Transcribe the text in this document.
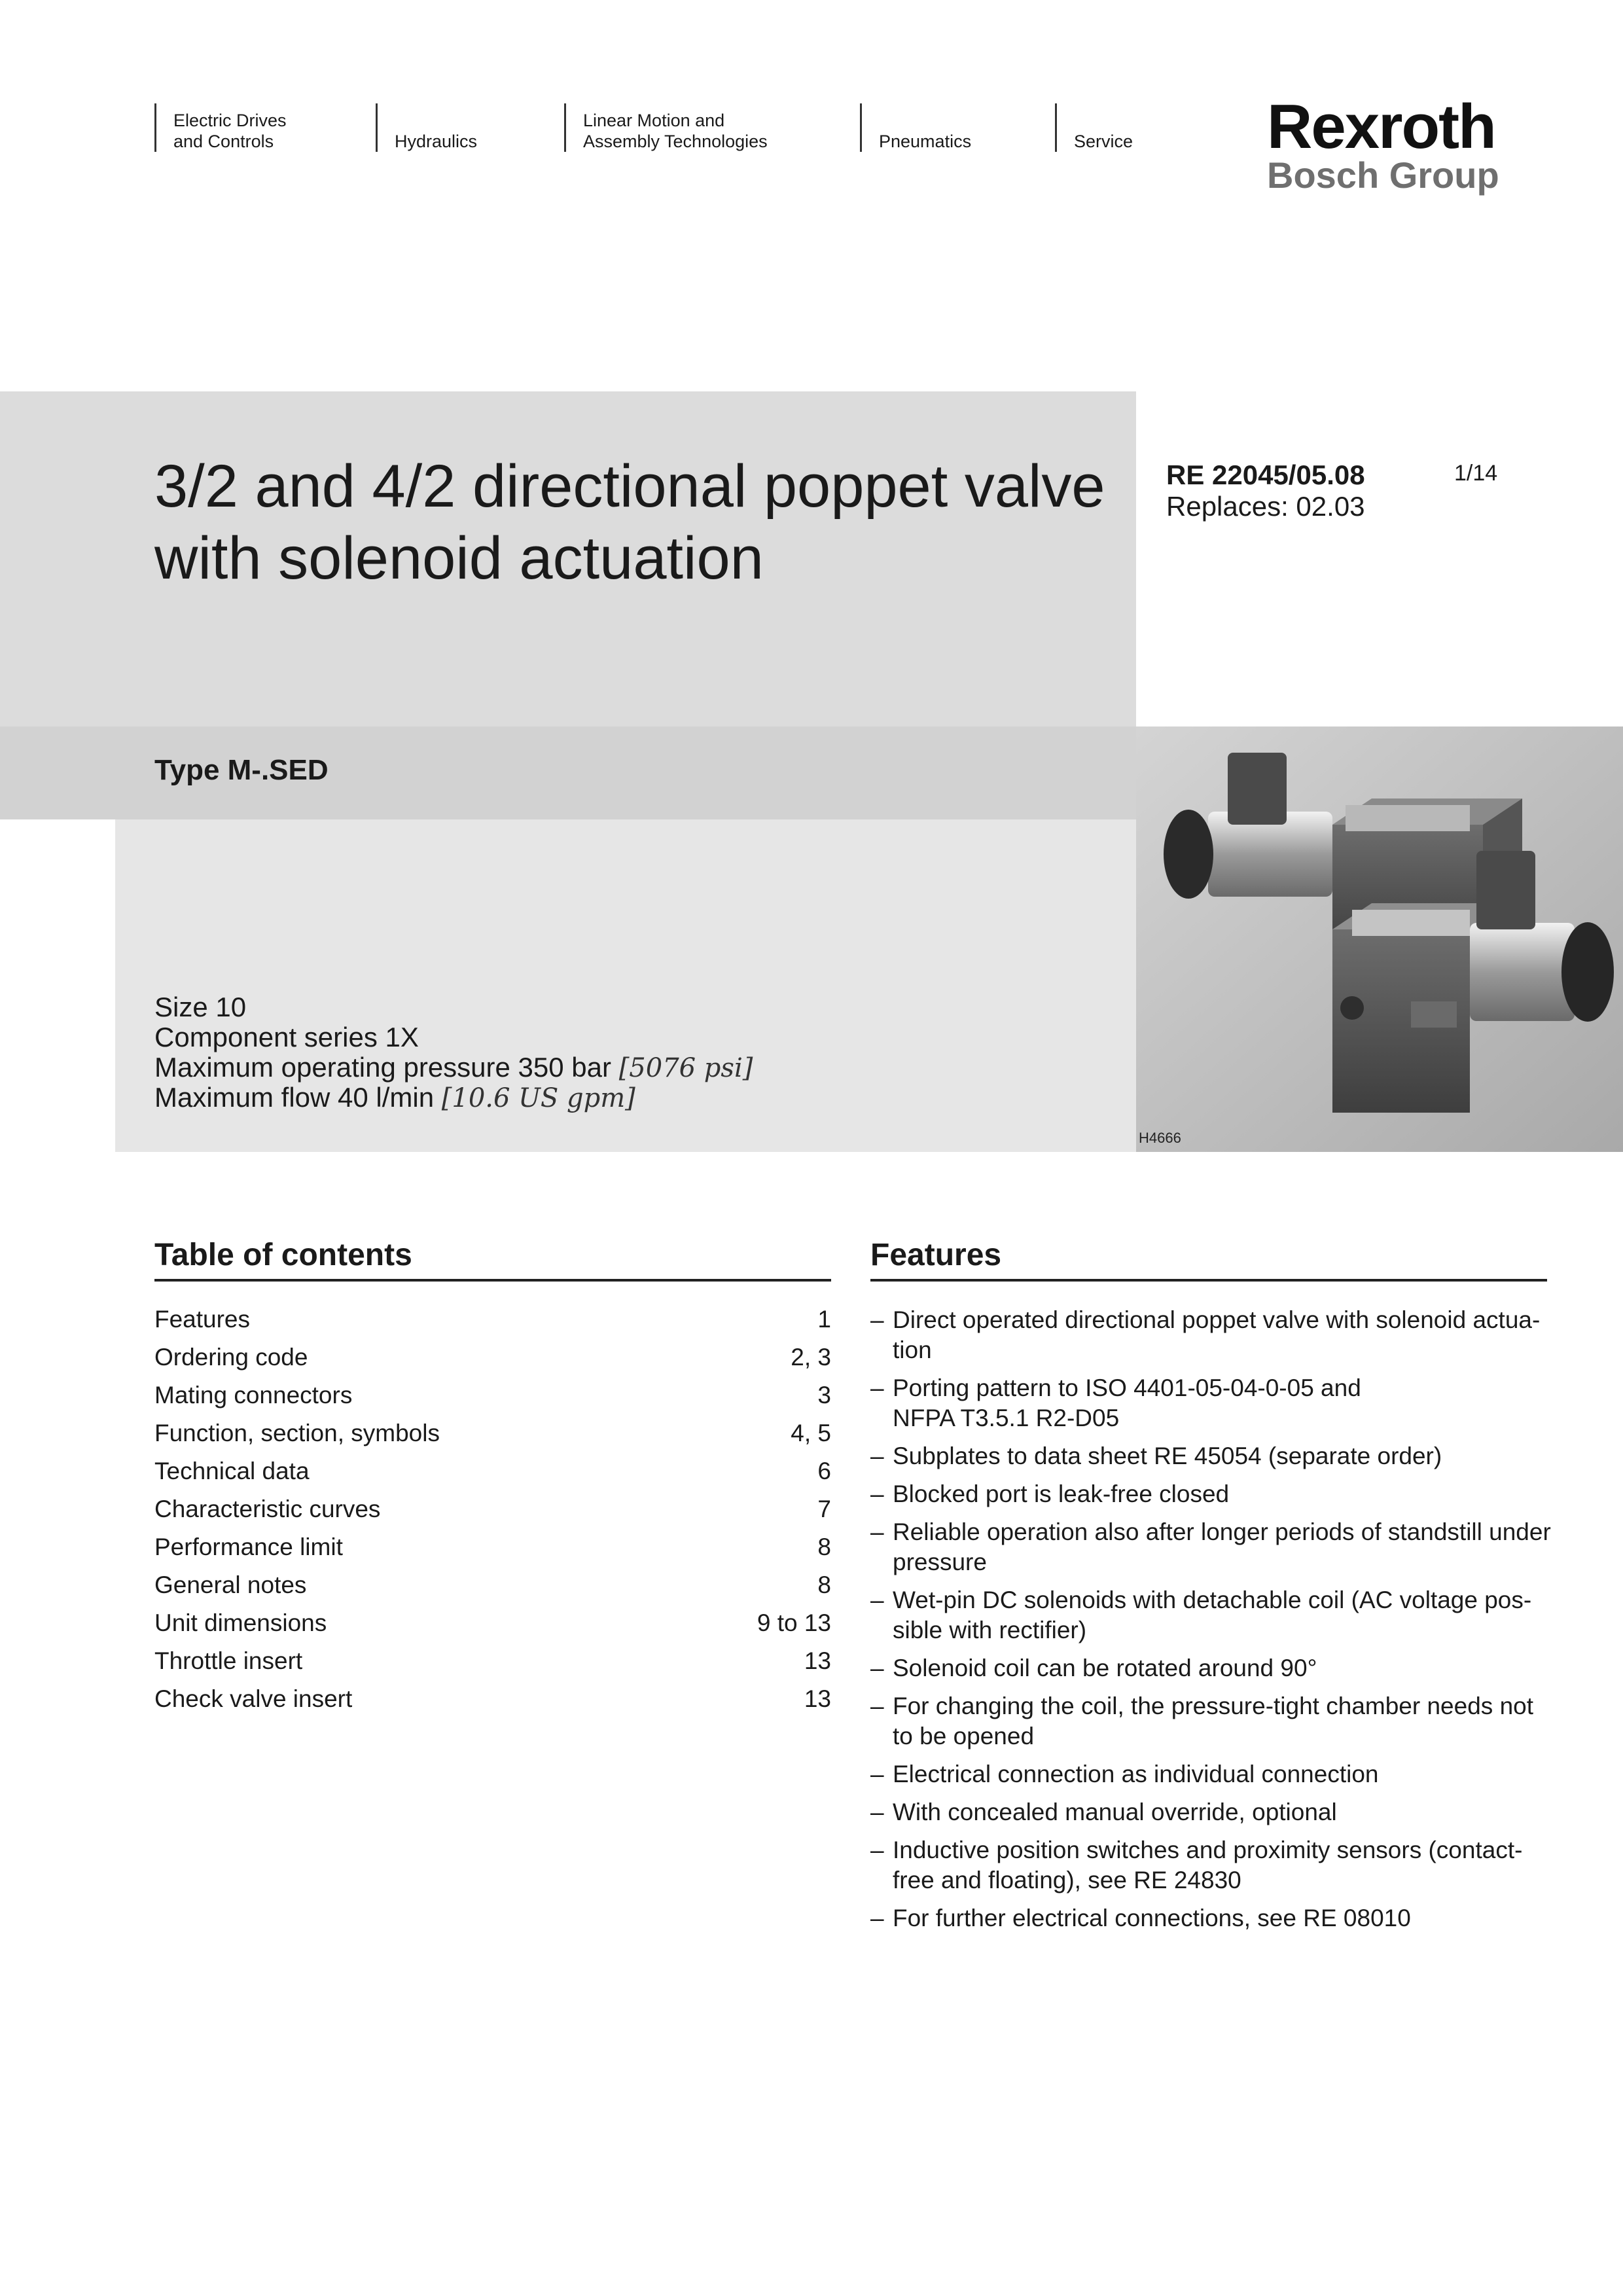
Electric Drives
and Controls	Hydraulics
Linear Motion and
Assembly Technologies	Pneumatics	Service Rexroth
Bosch Group
3/2 and 4/2 directional poppet valve
with solenoid actuation
RE 22045/05.08
Replaces: 02.03
1/14
Type M-.SED
Size 10
Component series 1X
Maximum operating pressure 350 bar [5076 psi]
Maximum flow 40 l/min [10.6 US gpm]
H4666
Table of contents
Features	1
Ordering code	2, 3
Mating connectors	3
Function, section, symbols	4, 5
Technical data	6
Characteristic curves	7
Performance limit	8
General notes	8
Unit dimensions	9 to 13
Throttle insert	13
Check valve insert	13
Features
– Direct operated directional poppet valve with solenoid actua-
tion
– Porting pattern to ISO 4401-05-04-0-05 and
NFPA T3.5.1 R2-D05
– Subplates to data sheet RE 45054 (separate order)
– Blocked port is leak-free closed
– Reliable operation also after longer periods of standstill under
pressure
– Wet-pin DC solenoids with detachable coil (AC voltage pos-
sible with rectifier)
– Solenoid coil can be rotated around 90°
– For changing the coil, the pressure-tight chamber needs not
to be opened
– Electrical connection as individual connection
– With concealed manual override, optional
– Inductive position switches and proximity sensors (contact-
free and floating), see RE 24830
– For further electrical connections, see RE 08010
